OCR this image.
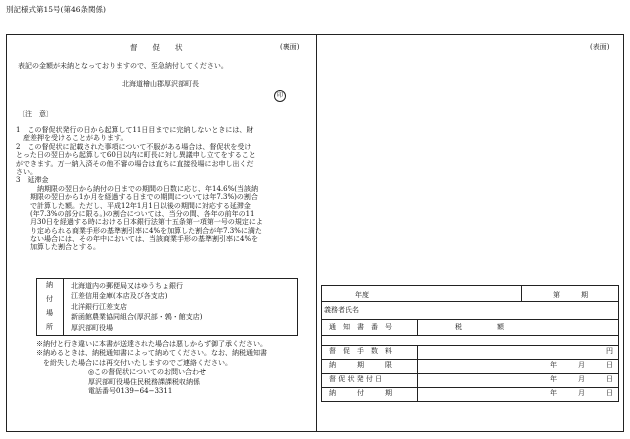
別記様式第15号(第46条関係)
督　　促　　状	(裏面)
表記の金額が未納となっておりますので、至急納付してください。
北海道檜山郡厚沢部町長
印
〔注　意〕
1　この督促状発行の日から起算して11日目までに完納しないときには、財
　産差押を受けることがあります。
2　この督促状に記載された事項について不服がある場合は、督促状を受け
とった日の翌日から起算して60日以内に町長に対し異議申し立てをすること
ができます。万一納入済その他不審の場合は直ちに直接役場にお申し出くだ
さい。
3　延滞金
　納期限の翌日から納付の日までの期間の日数に応じ、年14.6%(当該納
期限の翌日から1か月を経過する日までの期間については年7.3%)の割合
で計算した額。ただし、平成12年1月1日以後の期間に対応する延滞金
(年7.3%の部分に限る。)の割合については、当分の間、各年の前年の11
月30日を経過する時における日本銀行法第十五条第一項第一号の規定によ
り定められる商業手形の基準割引率に4%を加算した割合が年7.3%に満た
ない場合には、その年中においては、当該商業手形の基準割引率に4%を
加算した割合とする。
納
付
場
所
北海道内の郵便局又はゆうちょ銀行
江差信用金庫(本店及び各支店)
北洋銀行江差支店
新函館農業協同組合(厚沢部・鶉・館支店)
厚沢部町役場
※納付と行き違いに本書が送達された場合は悪しからず御了承ください。
※納めるときは、納税通知書によって納めてください。なお、納税通知書
　を紛失した場合には再交付いたしますのでご連絡ください。
◎この督促状についてのお問い合わせ
厚沢部町役場住民税務課課税収納係
電話番号0139−64−3311
(表面)
年度	第　　　期
義務者氏名
通　知　書　番　号	税　　　　　額
督　促　手　数　料	円
納　　　期　　　限	年　　　月　　　日
督 促 状 発 付 日	年　　　月　　　日
納　　　付　　　期	年　　　月　　　日
